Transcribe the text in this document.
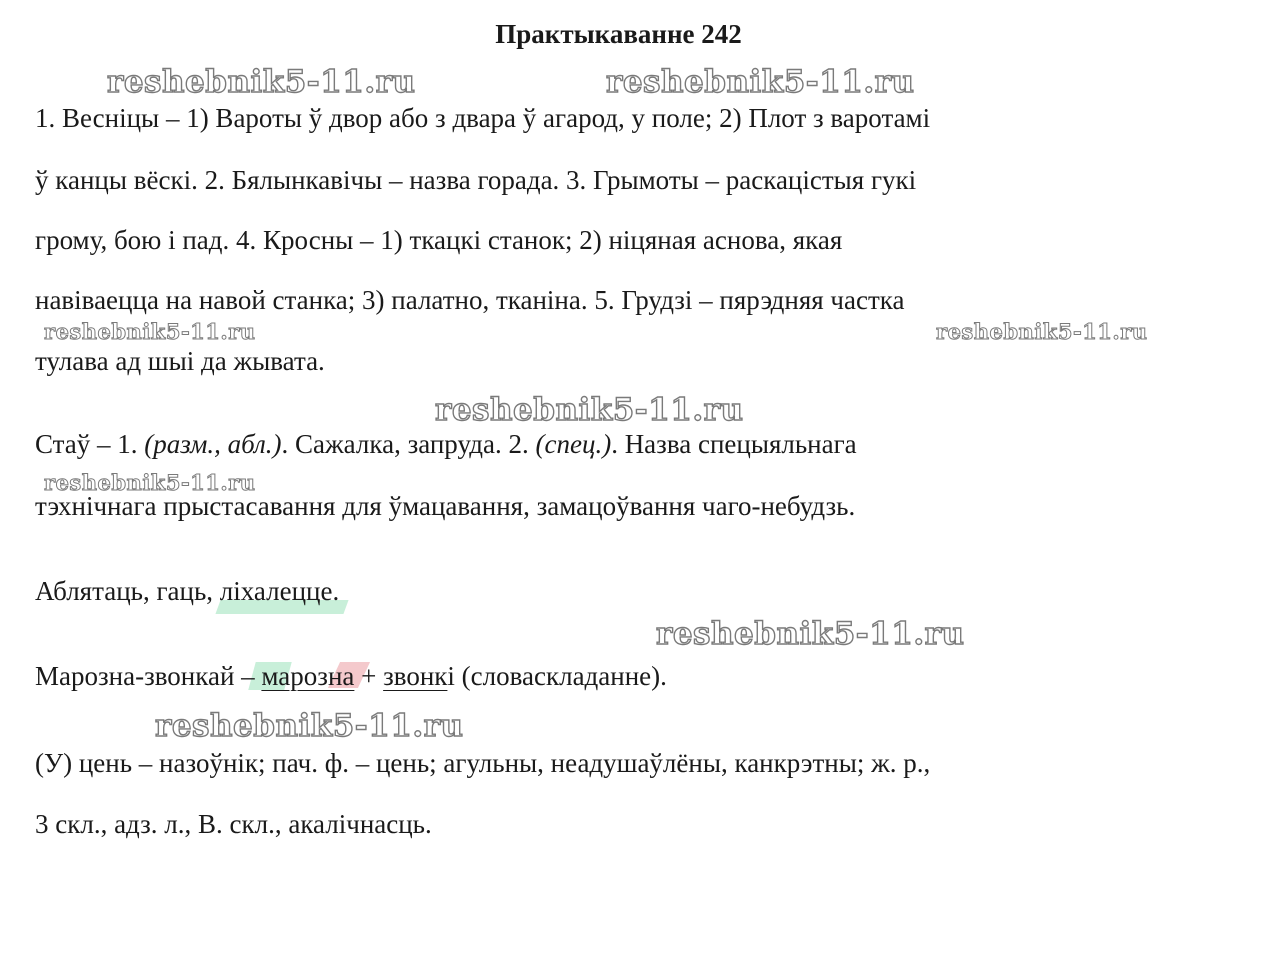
Практыкаванне 242
1. Весніцы – 1) Вароты ў двор або з двара ў агарод, у поле; 2) Плот з варотамі
ў канцы вёскі. 2. Бялынкавічы – назва горада. 3. Грымоты – раскацістыя гукі
грому, бою і пад. 4. Кросны – 1) ткацкі станок; 2) ніцяная аснова, якая
навіваецца на навой станка; 3) палатно, тканіна. 5. Грудзі – пярэдняя частка
тулава ад шыі да жывата.
Стаў – 1. (разм., абл.). Сажалка, запруда. 2. (спец.). Назва спецыяльнага
тэхнічнага прыстасавання для ўмацавання, замацоўвання чаго-небудзь.
Аблятаць, гаць, ліхалецце.
Марозна-звонкай – марозна + звонкі (словаскладанне).
(У) цень – назоўнік; пач. ф. – цень; агульны, неадушаўлёны, канкрэтны; ж. р.,
3 скл., адз. л., В. скл., акалічнасць.
reshebnik5-11.ru	reshebnik5-11.ru
reshebnik5-11.ru	reshebnik5-11.ru
reshebnik5-11.ru
reshebnik5-11.ru
reshebnik5-11.ru
reshebnik5-11.ru
